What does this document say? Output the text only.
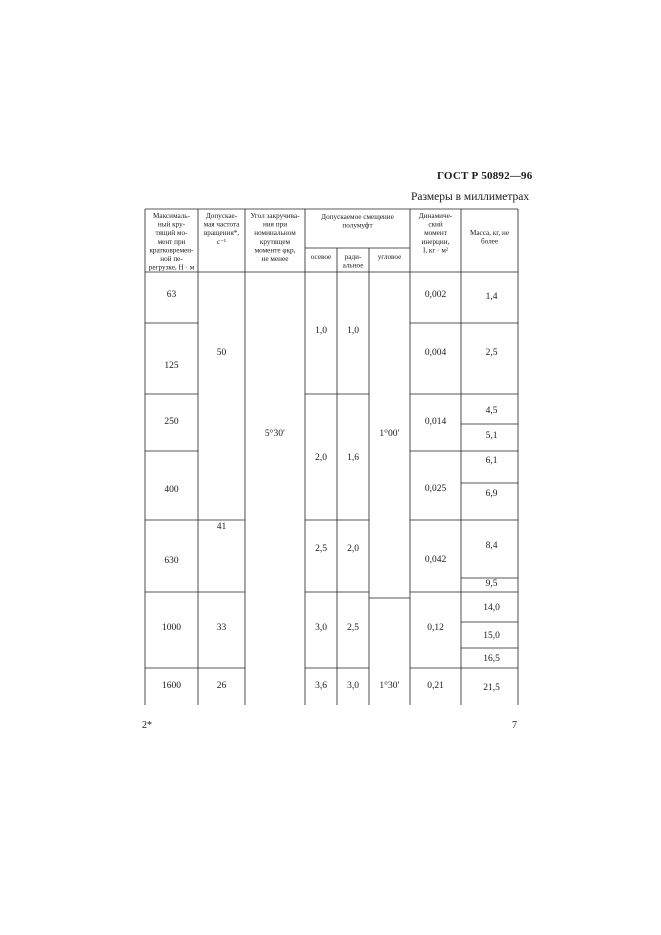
ГОСТ Р 50892—96
Размеры в миллиметрах
Максималь-
ный кру-
тящий мо-
мент при
кратковремен-
ной пе-
регрузке, Н · м
Допускае-
мая частота
вращения*,
с⁻¹
Угол закручива-
ния при
номинальном
крутящем
моменте φкр,
не менее
Допускаемое смещение
полумуфт
осевое ради-
альное
угловое
Динамиче-
ский
момент
инерции,
I, кг · м²
Масса, кг, не
более
63
125
250
400
630
1000
1600
50
41
33
26
5°30′
1,0
2,0
2,5
3,0
3,6
1,0
1,6
2,0
2,5
3,0
1°00′
1°30′
0,002
0,004
0,014
0,025
0,042
0,12
0,21
1,4
2,5
4,5
5,1
6,1
6,9
8,4
9,5
14,0
15,0
16,5
21,5
2*	7
